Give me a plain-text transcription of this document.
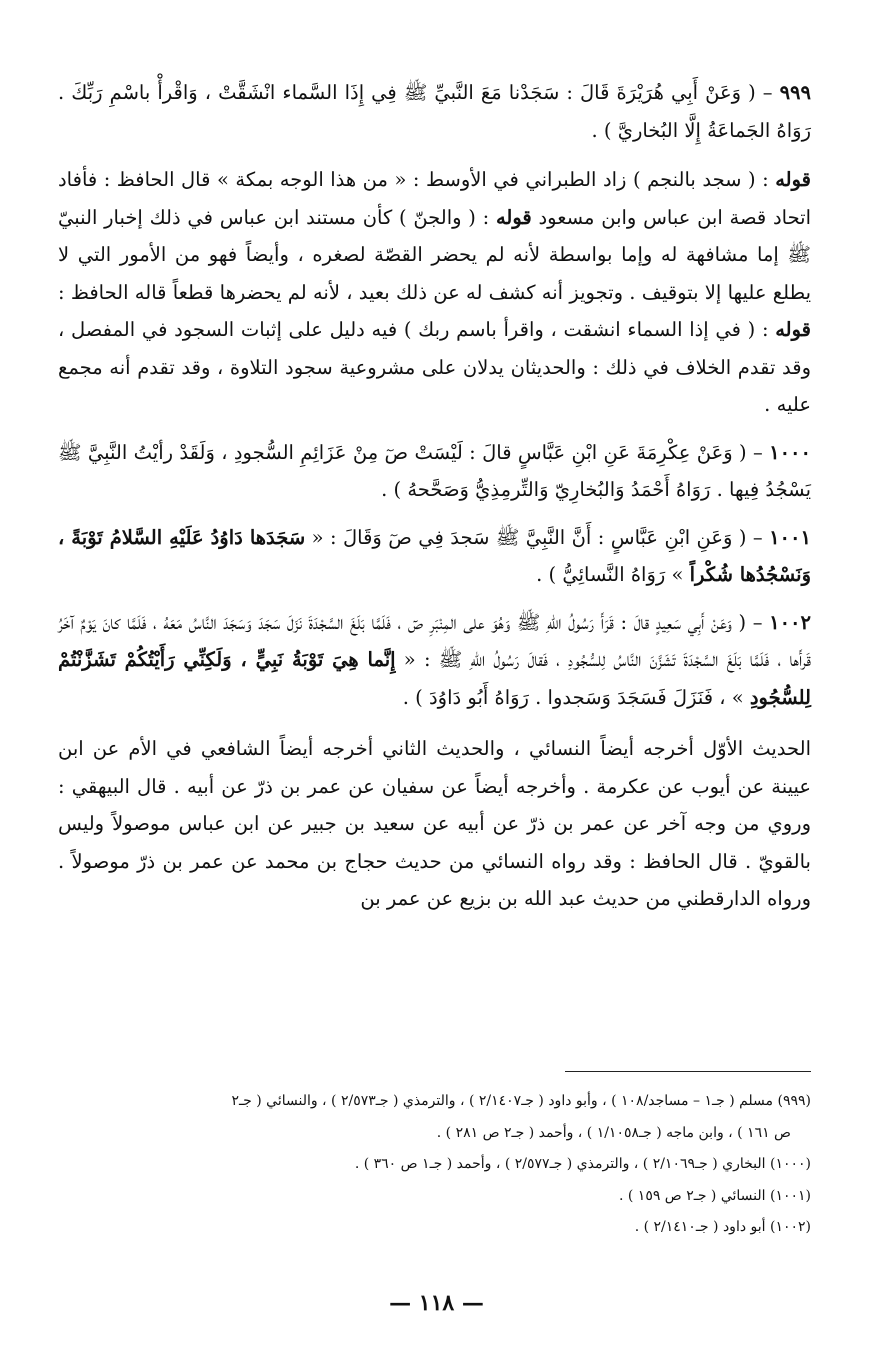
٩٩٩ – ( وَعَنْ أَبِي هُرَيْرَةَ قَالَ : سَجَدْنا مَعَ النَّبيِّ ﷺ فِي إِذَا السَّماء انْشَقَّتْ ، وَاقْرأْ باسْمِ رَبِّكَ . رَوَاهُ الجَماعَةُ إِلَّا البُخاريَّ ) .

قوله : ( سجد بالنجم ) زاد الطبراني في الأوسط : « من هذا الوجه بمكة » قال الحافظ : فأفاد اتحاد قصة ابن عباس وابن مسعود قوله : ( والجنّ ) كأن مستند ابن عباس في ذلك إخبار النبيّ ﷺ إما مشافهة له وإما بواسطة لأنه لم يحضر القصّة لصغره ، وأيضاً فهو من الأمور التي لا يطلع عليها إلا بتوقيف . وتجويز أنه كشف له عن ذلك بعيد ، لأنه لم يحضرها قطعاً قاله الحافظ : قوله : ( في إذا السماء انشقت ، واقرأ باسم ربك ) فيه دليل على إثبات السجود في المفصل ، وقد تقدم الخلاف في ذلك : والحديثان يدلان على مشروعية سجود التلاوة ، وقد تقدم أنه مجمع عليه .

١٠٠٠ – ( وَعَنْ عِكْرِمَةَ عَنِ ابْنِ عَبَّاسٍ قالَ : لَيْسَتْ صٓ مِنْ عَزَائِمِ السُّجودِ ، وَلَقَدْ رأيْتُ النَّبِيَّ ﷺ يَسْجُدُ فِيها . رَوَاهُ أَحْمَدُ وَالبُخارِيّ وَالتِّرمِذِيُّ وَصَحَّحهُ ) .

١٠٠١ – ( وَعَنِ ابْنِ عَبَّاسٍ : أَنَّ النَّبِيَّ ﷺ سَجدَ فِي صٓ وَقَالَ : « سَجَدَها دَاوُدُ عَلَيْهِ السَّلامُ تَوْبَةً ، وَنَسْجُدُها شُكْراً » رَوَاهُ النَّسائِيُّ ) .

١٠٠٢ – ( وَعَنْ أَبِي سَعِيدٍ قالَ : قَرَأَ رَسُولُ اللهِ ﷺ وَهُوَ على المِنْبَرِ صٓ ، فَلَمَّا بَلَغَ السَّجْدَةَ نَزَلَ سَجَدَ وَسَجَدَ النَّاسُ مَعَهُ ، فَلَمَّا كانَ يَوْمٌ آخَرُ قَرأَها ، فَلَمَّا بَلَغَ السَّجْدَةَ تَشَزَّنَ النَّاسُ لِلسُّجُودِ ، فَقالَ رَسُولُ اللهِ ﷺ : « إِنَّما هِيَ تَوْبَةُ نَبِيٍّ ، وَلَكِنِّي رَأَيْتُكُمْ تَشَزَّنْتُمْ لِلسُّجُودِ » ، فَنَزَلَ فَسَجَدَ وَسَجدوا . رَوَاهُ أَبُو دَاوُدَ ) .

الحديث الأوّل أخرجه أيضاً النسائي ، والحديث الثاني أخرجه أيضاً الشافعي في الأم عن ابن عيينة عن أيوب عن عكرمة . وأخرجه أيضاً عن سفيان عن عمر بن ذرّ عن أبيه . قال البيهقي : وروي من وجه آخر عن عمر بن ذرّ عن أبيه عن سعيد بن جبير عن ابن عباس موصولاً وليس بالقويّ . قال الحافظ : وقد رواه النسائي من حديث حجاج بن محمد عن عمر بن ذرّ موصولاً . ورواه الدارقطني من حديث عبد الله بن بزيع عن عمر بن

(٩٩٩) مسلم ( جـ١ – مساجد/١٠٨ ) ، وأبو داود ( جـ٢/١٤٠٧ ) ، والترمذي ( جـ٢/٥٧٣ ) ، والنسائي ( جـ٢

ص ١٦١ ) ، وابن ماجه ( جـ١/١٠٥٨ ) ، وأحمد ( جـ٢ ص ٢٨١ ) .

(١٠٠٠) البخاري ( جـ٢/١٠٦٩ ) ، والترمذي ( جـ٢/٥٧٧ ) ، وأحمد ( جـ١ ص ٣٦٠ ) .

(١٠٠١) النسائي ( جـ٢ ص ١٥٩ ) .

(١٠٠٢) أبو داود ( جـ٢/١٤١٠ ) .

— ١١٨ —
